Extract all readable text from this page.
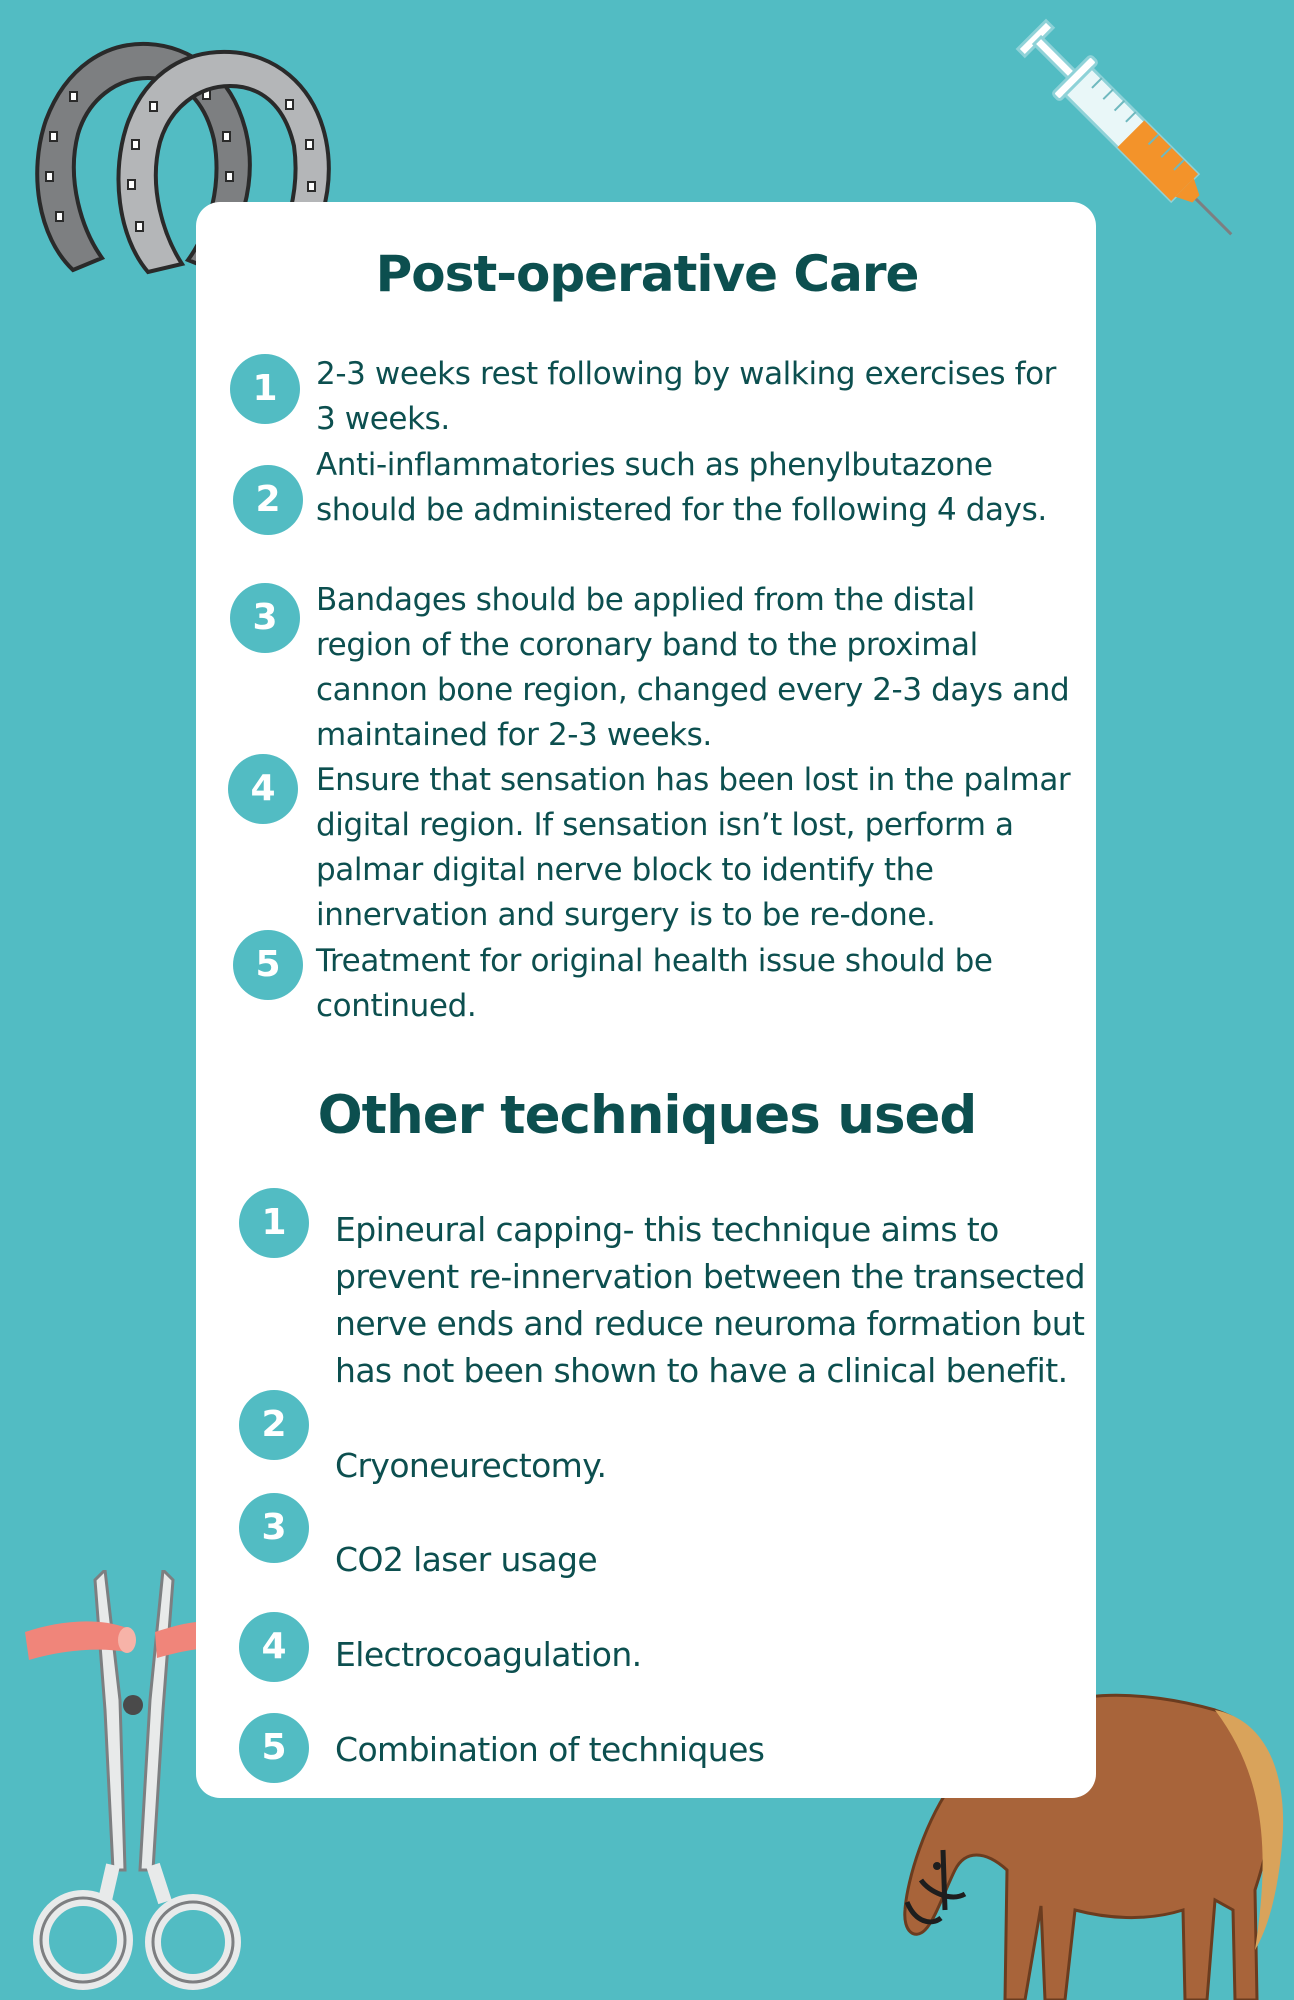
Post-operative Care
1	2-3 weeks rest following by walking exercises for 3 weeks.
2
Anti-inflammatories such as phenylbutazone should be administered for the following 4 days.
3	Bandages should be applied from the distal region of the coronary band to the proximal cannon bone region, changed every 2-3 days and maintained for 2-3 weeks.
4	Ensure that sensation has been lost in the palmar digital region. If sensation isn’t lost, perform a palmar digital nerve block to identify the innervation and surgery is to be re-done.
5	Treatment for original health issue should be continued.
Other techniques used
1	Epineural capping- this technique aims to prevent re-innervation between the transected nerve ends and reduce neuroma formation but has not been shown to have a clinical benefit.
2
Cryoneurectomy.
3
CO2 laser usage
4	Electrocoagulation.
5	Combination of techniques
